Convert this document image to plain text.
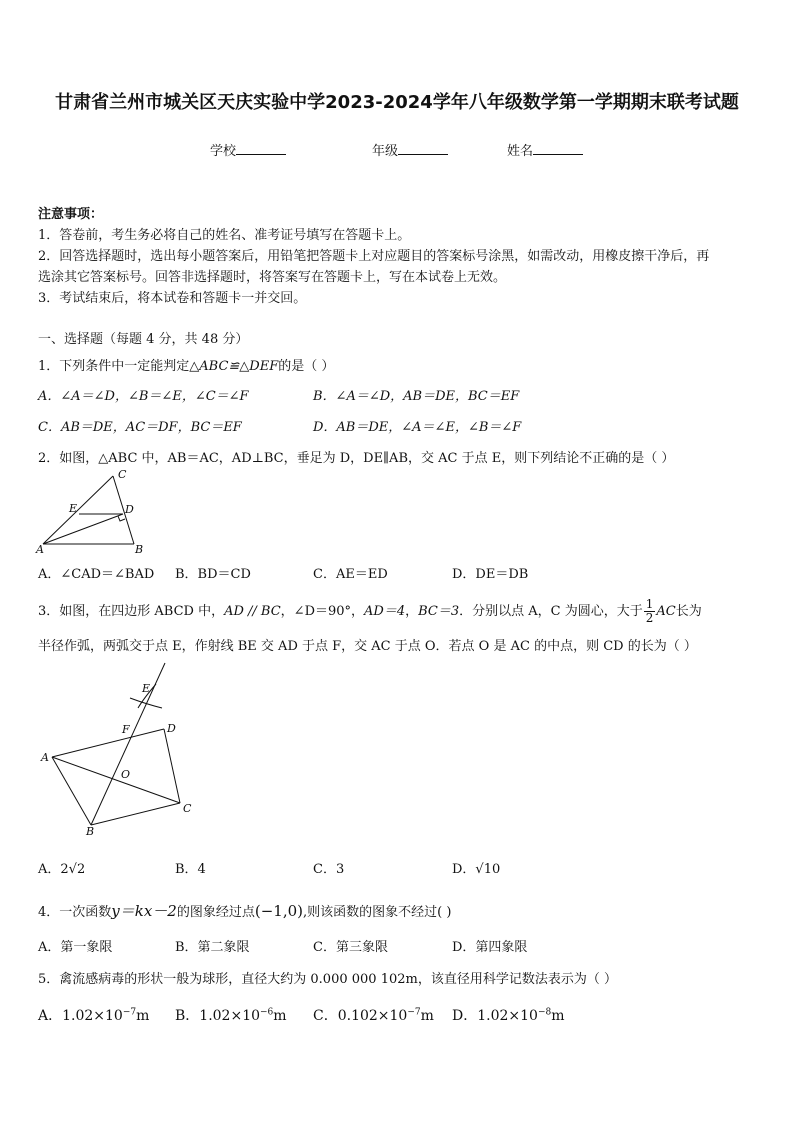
甘肃省兰州市城关区天庆实验中学2023-2024学年八年级数学第一学期期末联考试题
学校	年级	姓名
注意事项：
1．答卷前，考生务必将自己的姓名、准考证号填写在答题卡上。
2．回答选择题时，选出每小题答案后，用铅笔把答题卡上对应题目的答案标号涂黑，如需改动，用橡皮擦干净后，再
选涂其它答案标号。回答非选择题时，将答案写在答题卡上，写在本试卷上无效。
3．考试结束后，将本试卷和答题卡一并交回。
一、选择题（每题 4 分，共 48 分）
1．下列条件中一定能判定△ABC≌△DEF的是（ ）
A．∠A＝∠D，∠B＝∠E，∠C＝∠F	B．∠A＝∠D，AB＝DE，BC＝EF
C．AB＝DE，AC＝DF，BC＝EF	D．AB＝DE，∠A＝∠E，∠B＝∠F
2．如图，△ABC 中，AB＝AC，AD⊥BC，垂足为 D，DE∥AB，交 AC 于点 E，则下列结论不正确的是（ ）
A	B
C
D
E
A．∠CAD＝∠BAD B．BD＝CD	C．AE＝ED	D．DE＝DB
3．如图，在四边形 ABCD 中，AD // BC，∠D＝90°，AD＝4，BC＝3．分别以点 A，C 为圆心，大于 $\frac{1}{2}$ AC长为
半径作弧，两弧交于点 E，作射线 BE 交 AD 于点 F，交 AC 于点 O．若点 O 是 AC 的中点，则 CD 的长为（ ）
A
B
C
D
E
F
O
A．2√2	B．4	C．3	D．√10
4．一次函数y＝kx－2的图象经过点(−1,0),则该函数的图象不经过( )
A．第一象限	B．第二象限	C．第三象限	D．第四象限
5．禽流感病毒的形状一般为球形，直径大约为 0.000 000 102m，该直径用科学记数法表示为（ ）
A．$1.02\times 10^{-7}m$ B．$1.02\times 10^{-6}m$ C．$0.102\times 10^{-7}m$ D．$1.02\times 10^{-8}m$
